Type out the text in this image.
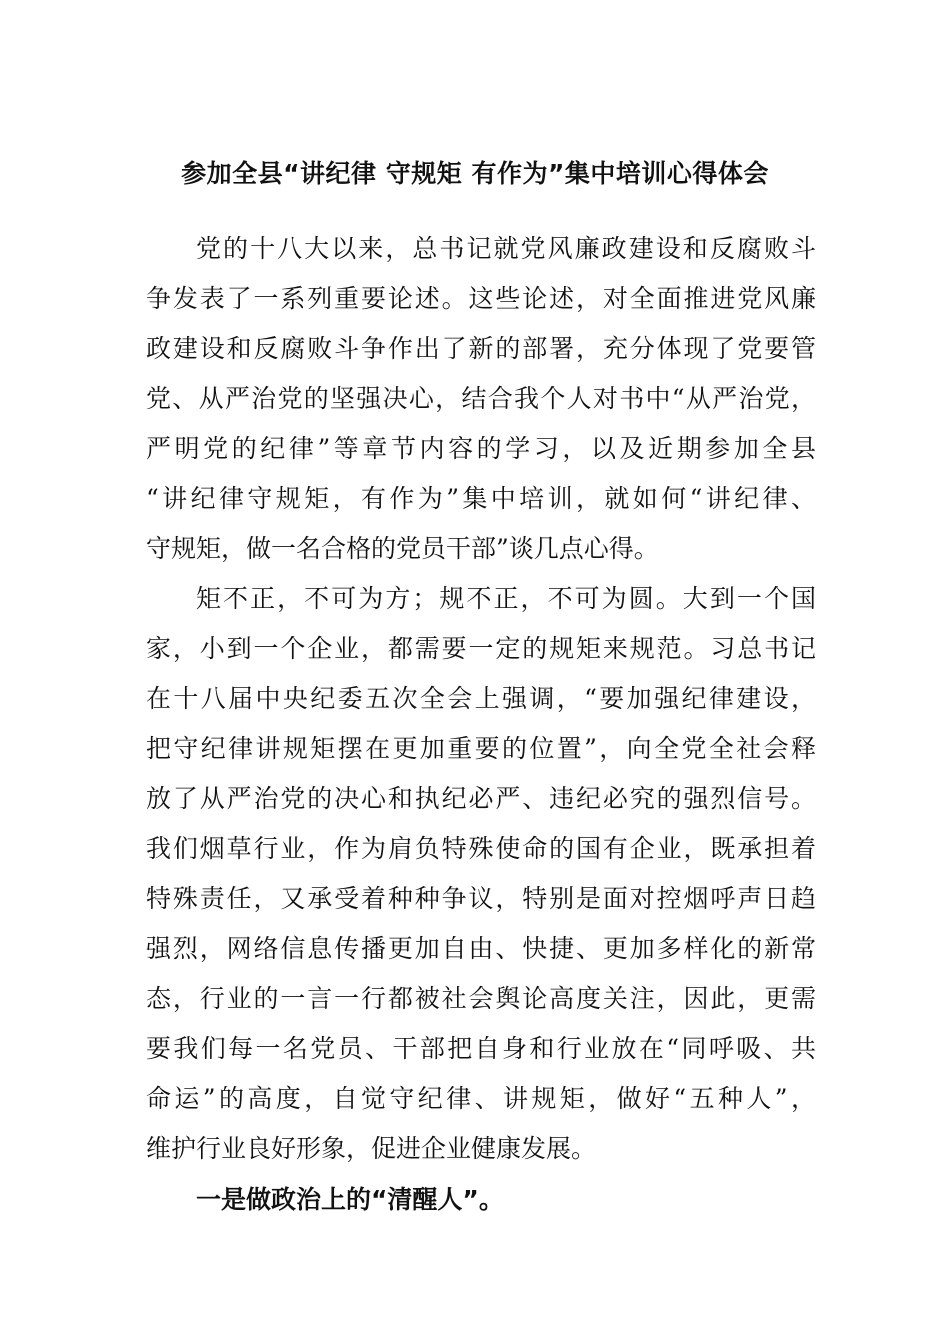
参加全县“讲纪律 守规矩 有作为”集中培训心得体会
党的十八大以来，总书记就党风廉政建设和反腐败斗
争发表了一系列重要论述。这些论述，对全面推进党风廉
政建设和反腐败斗争作出了新的部署，充分体现了党要管
党、从严治党的坚强决心，结合我个人对书中“从严治党，
严明党的纪律”等章节内容的学习，以及近期参加全县
“讲纪律守规矩，有作为”集中培训，就如何“讲纪律、
守规矩，做一名合格的党员干部”谈几点心得。
矩不正，不可为方；规不正，不可为圆。大到一个国
家，小到一个企业，都需要一定的规矩来规范。习总书记
在十八届中央纪委五次全会上强调，“要加强纪律建设，
把守纪律讲规矩摆在更加重要的位置”，向全党全社会释
放了从严治党的决心和执纪必严、违纪必究的强烈信号。
我们烟草行业，作为肩负特殊使命的国有企业，既承担着
特殊责任，又承受着种种争议，特别是面对控烟呼声日趋
强烈，网络信息传播更加自由、快捷、更加多样化的新常
态，行业的一言一行都被社会舆论高度关注，因此，更需
要我们每一名党员、干部把自身和行业放在“同呼吸、共
命运”的高度，自觉守纪律、讲规矩，做好“五种人”，
维护行业良好形象，促进企业健康发展。
一是做政治上的“清醒人”。
